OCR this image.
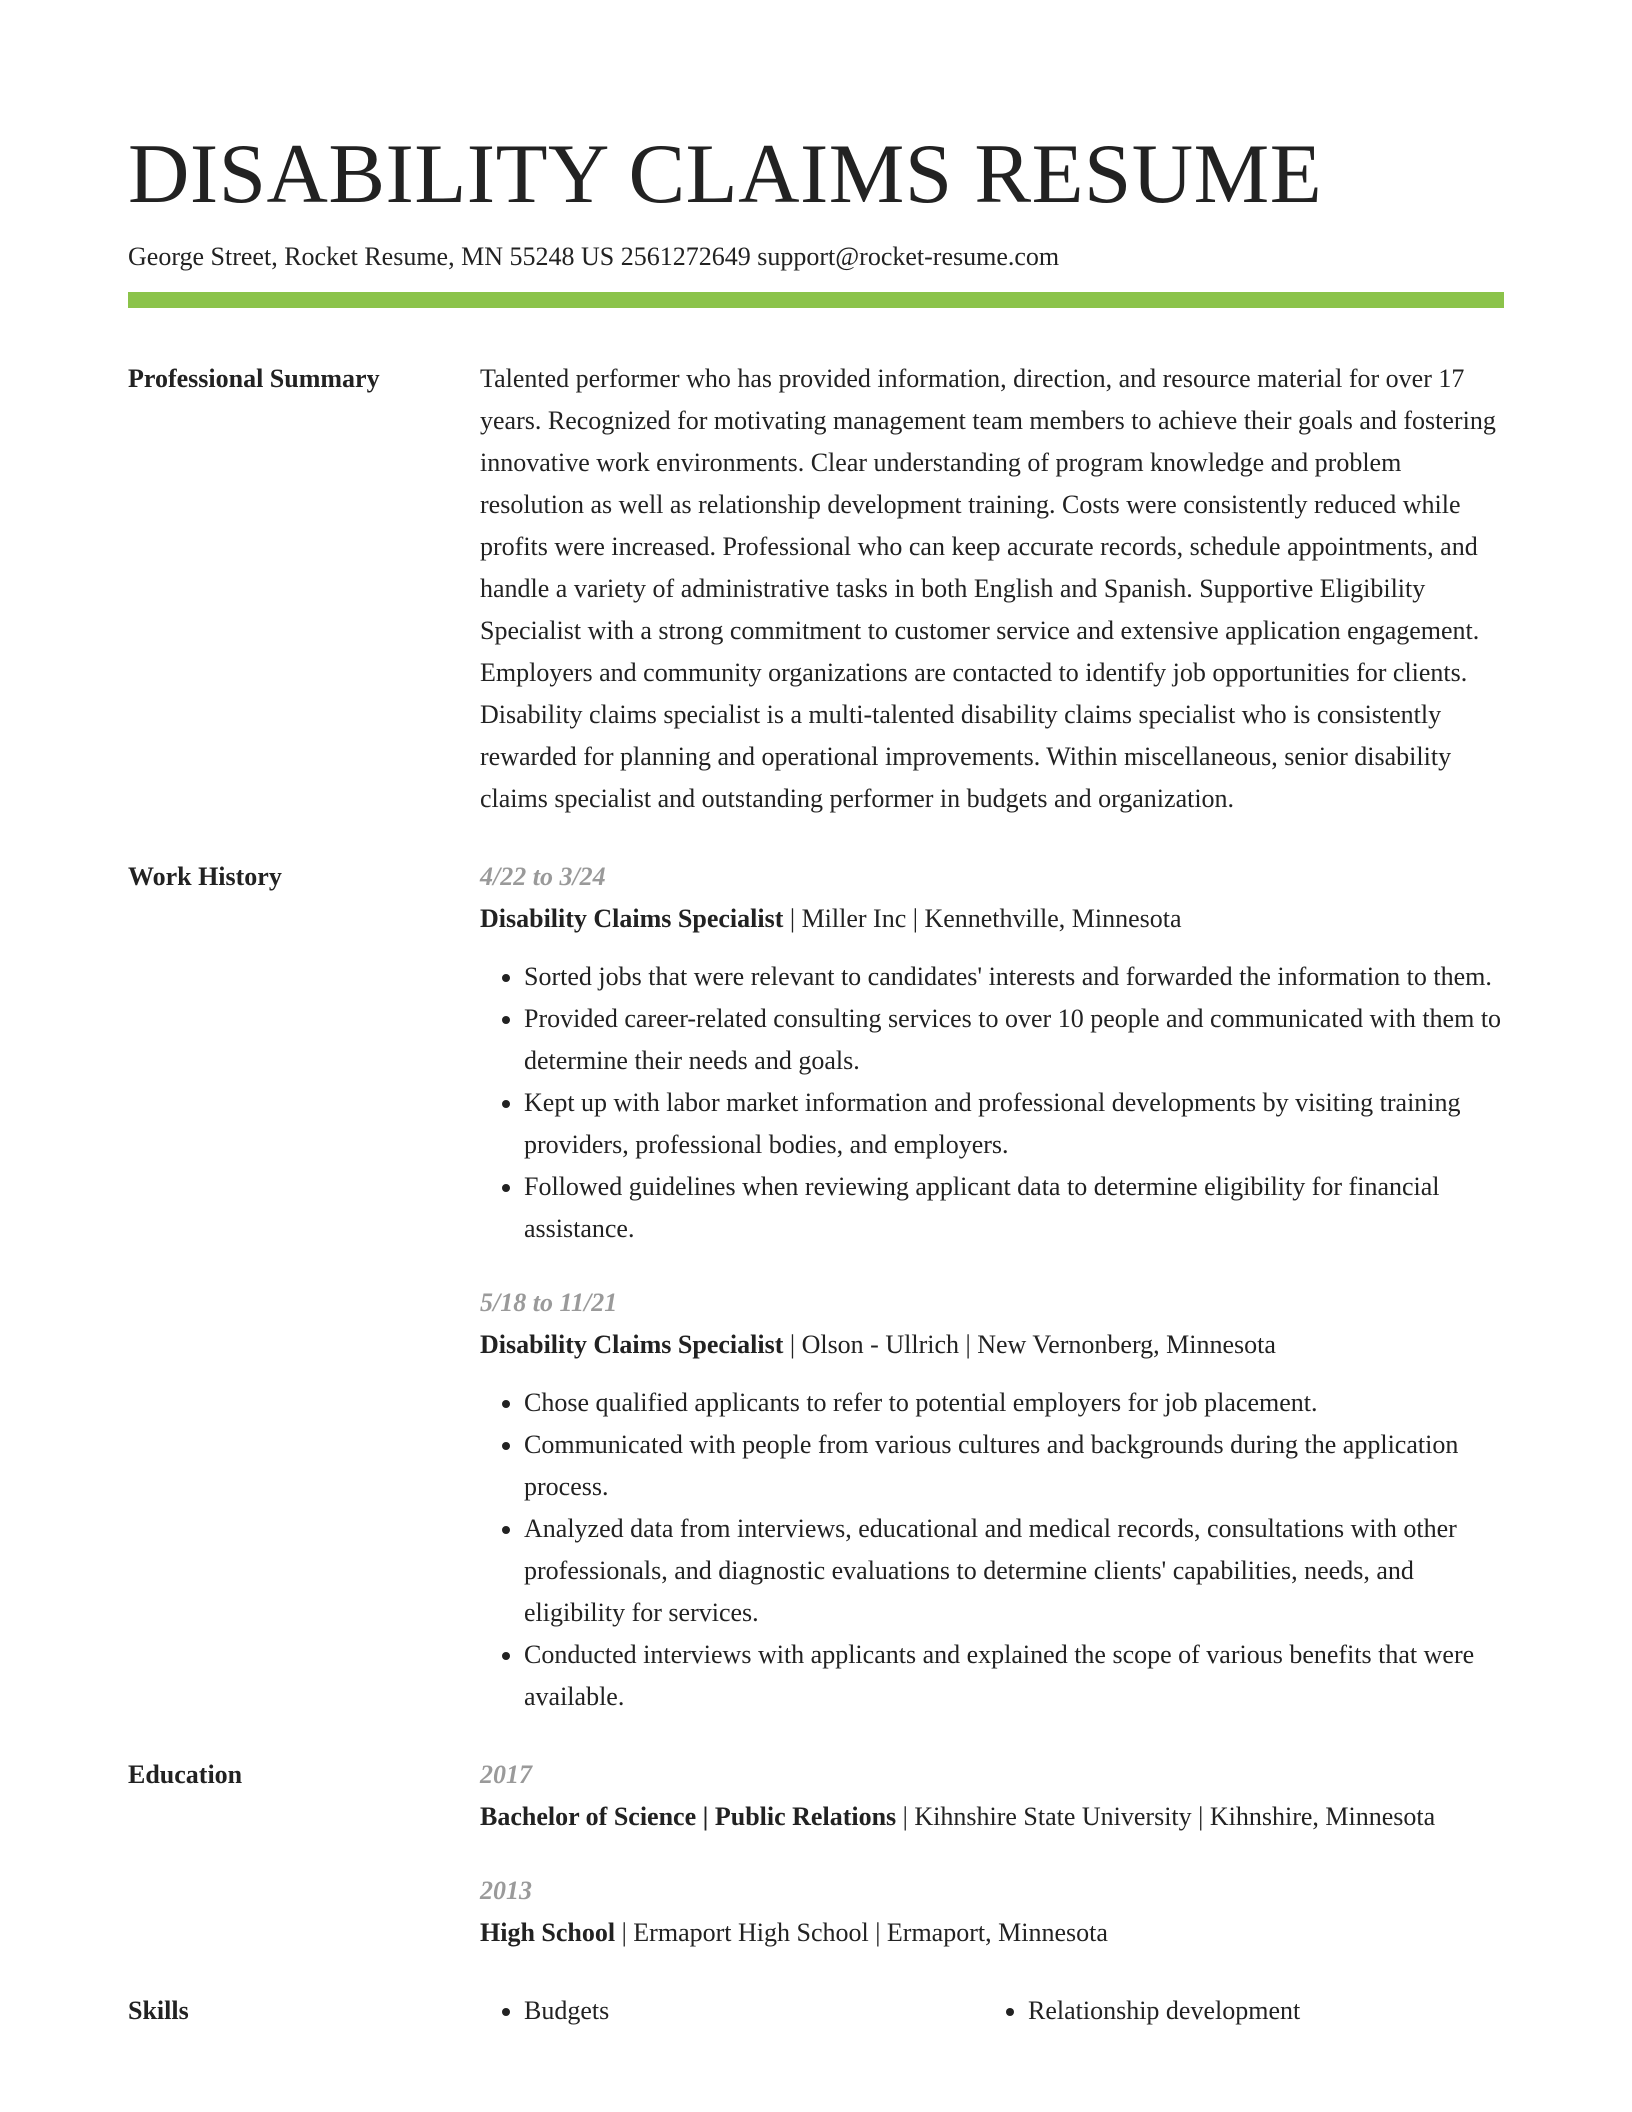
DISABILITY CLAIMS RESUME
George Street, Rocket Resume, MN 55248 US 2561272649 support@rocket-resume.com
Professional Summary	Talented performer who has provided information, direction, and resource material for over 17 years. Recognized for motivating management team members to achieve their goals and fostering innovative work environments. Clear understanding of program knowledge and problem resolution as well as relationship development training. Costs were consistently reduced while profits were increased. Professional who can keep accurate records, schedule appointments, and handle a variety of administrative tasks in both English and Spanish. Supportive Eligibility Specialist with a strong commitment to customer service and extensive application engagement. Employers and community organizations are contacted to identify job opportunities for clients. Disability claims specialist is a multi-talented disability claims specialist who is consistently rewarded for planning and operational improvements. Within miscellaneous, senior disability claims specialist and outstanding performer in budgets and organization.

Work History	4/22 to 3/24
Disability Claims Specialist | Miller Inc | Kennethville, Minnesota
• Sorted jobs that were relevant to candidates' interests and forwarded the information to them.
• Provided career-related consulting services to over 10 people and communicated with them to determine their needs and goals.
• Kept up with labor market information and professional developments by visiting training providers, professional bodies, and employers.
• Followed guidelines when reviewing applicant data to determine eligibility for financial assistance.
5/18 to 11/21
Disability Claims Specialist | Olson - Ullrich | New Vernonberg, Minnesota
• Chose qualified applicants to refer to potential employers for job placement.
• Communicated with people from various cultures and backgrounds during the application process.
• Analyzed data from interviews, educational and medical records, consultations with other professionals, and diagnostic evaluations to determine clients' capabilities, needs, and eligibility for services.
• Conducted interviews with applicants and explained the scope of various benefits that were available.
Education	2017
Bachelor of Science | Public Relations | Kihnshire State University | Kihnshire, Minnesota
2013
High School | Ermaport High School | Ermaport, Minnesota
Skills	• Budgets	• Relationship development
